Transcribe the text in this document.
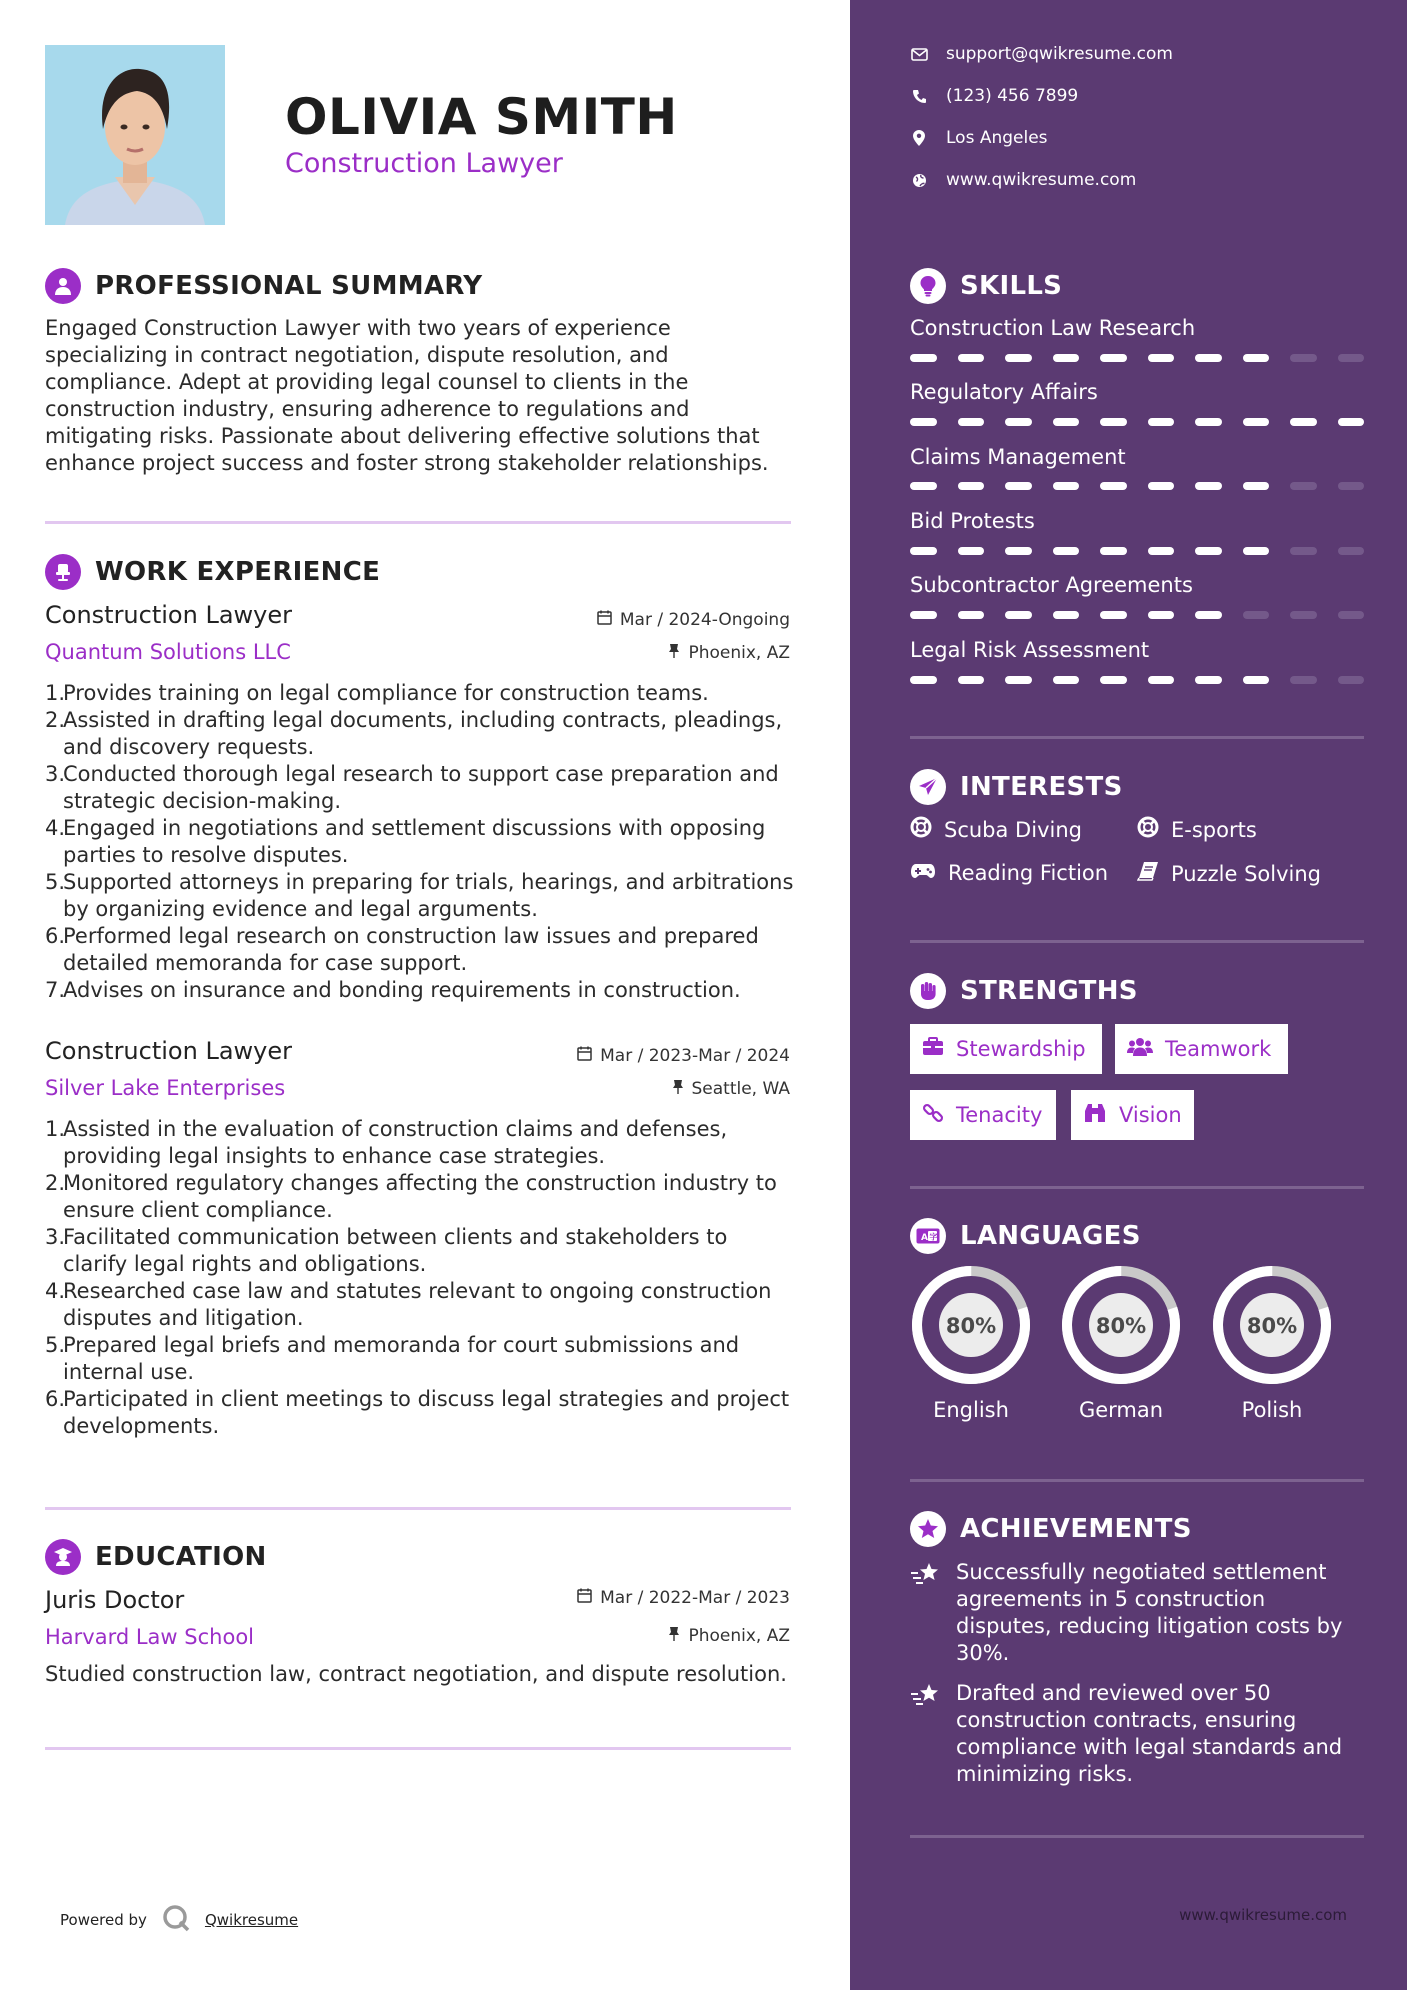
OLIVIA SMITH
Construction Lawyer
PROFESSIONAL SUMMARY
Engaged Construction Lawyer with two years of experience
specializing in contract negotiation, dispute resolution, and
compliance. Adept at providing legal counsel to clients in the
construction industry, ensuring adherence to regulations and
mitigating risks. Passionate about delivering effective solutions that
enhance project success and foster strong stakeholder relationships.
WORK EXPERIENCE
Construction Lawyer	Mar / 2024-Ongoing
Quantum Solutions LLC	Phoenix, AZ
1.
Provides training on legal compliance for construction teams.
2.
Assisted in drafting legal documents, including contracts, pleadings,
and discovery requests.
3.
Conducted thorough legal research to support case preparation and
strategic decision-making.
4.
Engaged in negotiations and settlement discussions with opposing
parties to resolve disputes.
5.
Supported attorneys in preparing for trials, hearings, and arbitrations
by organizing evidence and legal arguments.
6.
Performed legal research on construction law issues and prepared
detailed memoranda for case support.
7.
Advises on insurance and bonding requirements in construction.
Construction Lawyer	Mar / 2023-Mar / 2024
Silver Lake Enterprises	Seattle, WA
1.
Assisted in the evaluation of construction claims and defenses,
providing legal insights to enhance case strategies.
2.
Monitored regulatory changes affecting the construction industry to
ensure client compliance.
3.
Facilitated communication between clients and stakeholders to
clarify legal rights and obligations.
4.
Researched case law and statutes relevant to ongoing construction
disputes and litigation.
5.
Prepared legal briefs and memoranda for court submissions and
internal use.
6.
Participated in client meetings to discuss legal strategies and project
developments.
EDUCATION
Juris Doctor	Mar / 2022-Mar / 2023
Harvard Law School	Phoenix, AZ
Studied construction law, contract negotiation, and dispute resolution.
Powered by	Qwikresume
support@qwikresume.com
(123) 456 7899
Los Angeles
www.qwikresume.com
SKILLS
Construction Law Research
Regulatory Affairs
Claims Management
Bid Protests
Subcontractor Agreements
Legal Risk Assessment
INTERESTS
Scuba Diving	E-sports
Reading Fiction	Puzzle Solving
STRENGTHS
Stewardship	Teamwork
Tenacity	Vision
A 字 LANGUAGES
80%
English
80%
German
80%
Polish
ACHIEVEMENTS
Successfully negotiated settlement
agreements in 5 construction
disputes, reducing litigation costs by
30%.
Drafted and reviewed over 50
construction contracts, ensuring
compliance with legal standards and
minimizing risks.
www.qwikresume.com
